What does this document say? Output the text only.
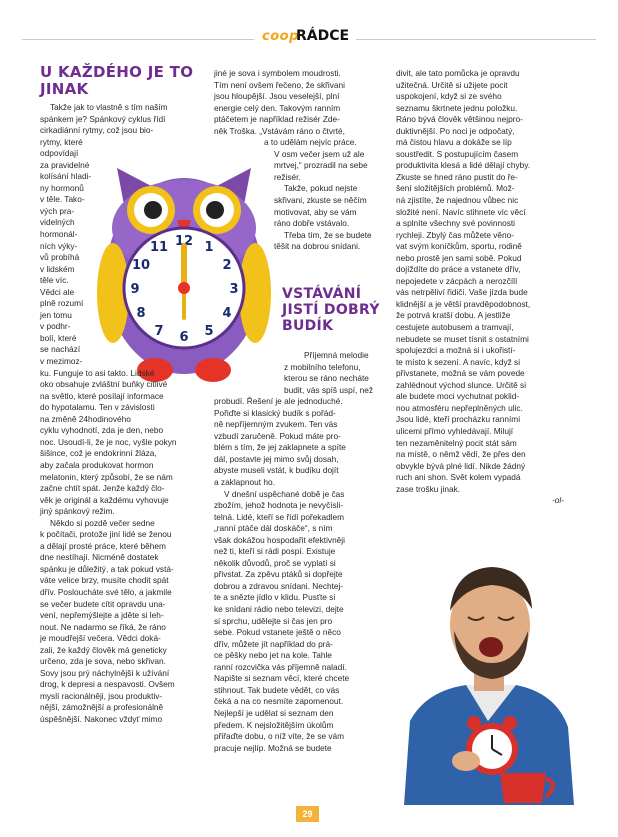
coop
RÁDCE
U KAŽDÉHO JE TO
JINAK
12 1
2
3
4
5
6
7
8
9
10
11

Takže jak to vlastně s tím naším

spánkem je? Spánkový cyklus řídí

cirkadiánní rytmy, což jsou bio-

rytmy, které

odpovídají

za pravidelné

kolísání hladi-

ny hormonů

v těle. Tako-

vých pra-

videlných

hormonál-

ních výky-

vů probíhá

v lidském

těle víc.

Vědci ale

plně rozumí

jen tomu

v podhr-

bolí, které

se nachází

v mezimoz-

ku. Funguje to asi takto. Lidské

oko obsahuje zvláštní buňky citlivé

na světlo, které posílají informace

do hypotalamu. Ten v závislosti

na změně 24hodinového

cyklu vyhodnotí, zda je den, nebo

noc. Usoudí-li, že je noc, vyšle pokyn

šišince, což je endokrinní žláza,

aby začala produkovat hormon

melatonin, který způsobí, že se nám

začne chtít spát. Jenže každý člo-

věk je originál a každému vyhovuje

jiný spánkový režim.

Někdo si pozdě večer sedne

k počítači, protože jiní lidé se ženou

a dělají prosté práce, které během

dne nestíhají. Nicméně dostatek

spánku je důležitý, a tak pokud vstá-

váte velice brzy, musíte chodit spát

dřív. Posloucháte své tělo, a jakmile

se večer budete cítit opravdu una-

vení, nepřemýšlejte a jděte si leh-

nout. Ne nadarmo se říká, že ráno

je moudřejší večera. Vědci doká-

zali, že každý člověk má geneticky

určeno, zda je sova, nebo skřivan.

Sovy jsou prý náchylnější k užívání

drog, k depresi a nespavosti. Ovšem

myslí racionálněji, jsou produktiv-

nější, zámožnější a profesionálně

úspěšnější. Nakonec vždyť mimo

jiné je sova i symbolem moudrosti.

Tím není ovšem řečeno, že skřivani

jsou hloupější. Jsou veselejší, plní

energie celý den. Takovým ranním

ptáčetem je například režisér Zde-

něk Troška. „Vstávám ráno o čtvrté,

a to udělám nejvíc práce.

V osm večer jsem už ale

mrtvej,“ prozradil na sebe

režisér.

Takže, pokud nejste

skřivani, zkuste se něčím

motivovat, aby se vám

ráno dobře vstávalo.

Třeba tím, že se budete

těšit na dobrou snídani.

VSTÁVÁNÍ
JISTÍ DOBRÝ
BUDÍK

Příjemná melodie

z mobilního telefonu,

kterou se ráno necháte

budit, vás spíš uspí, než

probudí. Řešení je ale jednoduché.

Pořiďte si klasický budík s pořád-

ně nepříjemným zvukem. Ten vás

vzbudí zaručeně. Pokud máte pro-

blém s tím, že jej zaklapnete a spíte

dál, postavte jej mimo svůj dosah,

abyste museli vstát, k budíku dojít

a zaklapnout ho.

V dnešní uspěchané době je čas

zbožím, jehož hodnota je nevyčísli-

telná. Lidé, kteří se řídí pořekadlem

„ranní ptáče dál doskáče“, s ním

však dokážou hospodařit efektivněji

než ti, kteří si rádi pospí. Existuje

několik důvodů, proč se vyplatí si

přivstat. Za zpěvu ptáků si dopřejte

dobrou a zdravou snídani. Nechtej-

te a snězte jídlo v klidu. Pusťte si

ke snídani rádio nebo televizi, dejte

si sprchu, udělejte si čas jen pro

sebe. Pokud vstanete ještě o něco

dřív, můžete jít například do prá-

ce pěšky nebo jet na kole. Tahle

ranní rozcvička vás příjemně naladí.

Napište si seznam věcí, které chcete

stihnout. Tak budete vědět, co vás

čeká a na co nesmíte zapomenout.

Nejlepší je udělat si seznam den

předem. K nejsložitějším úkolům

přiřaďte dobu, o níž víte, že se vám

pracuje nejlíp. Možná se budete

divit, ale tato pomůcka je opravdu

užitečná. Určitě si užijete pocit

uspokojení, když si ze svého

seznamu škrtnete jednu položku.

Ráno bývá člověk většinou nejpro-

duktivnější. Po noci je odpočatý,

má čistou hlavu a dokáže se líp

soustředit. S postupujícím časem

produktivita klesá a lidé dělají chyby.

Zkuste se hned ráno pustit do ře-

šení složitějších problémů. Mož-

ná zjistíte, že najednou vůbec nic

složité není. Navíc stihnete víc věcí

a splníte všechny své povinnosti

rychleji. Zbylý čas můžete věno-

vat svým koníčkům, sportu, rodině

nebo prostě jen sami sobě. Pokud

dojíždíte do práce a vstanete dřív,

nepojedete v zácpách a nerozčílí

vás netrpěliví řidiči. Vaše jízda bude

klidnější a je větší pravděpodobnost,

že potrvá kratší dobu. A jestliže

cestujete autobusem a tramvají,

nebudete se muset tísnit s ostatními

spolujezdci a možná si i ukořistí-

te místo k sezení. A navíc, když si

přivstanete, možná se vám povede

zahlédnout východ slunce. Určitě si

ale budete moci vychutnat poklid-

nou atmosféru nepřeplněných ulic.

Jsou lidé, kteří procházku ranními

ulicemi přímo vyhledávají. Milují

ten nezaměnitelný pocit stát sám

na místě, o němž vědí, že přes den

obvykle bývá plné lidí. Nikde žádný

ruch ani shon. Svět kolem vypadá

zase trošku jinak.

-ol-

29
